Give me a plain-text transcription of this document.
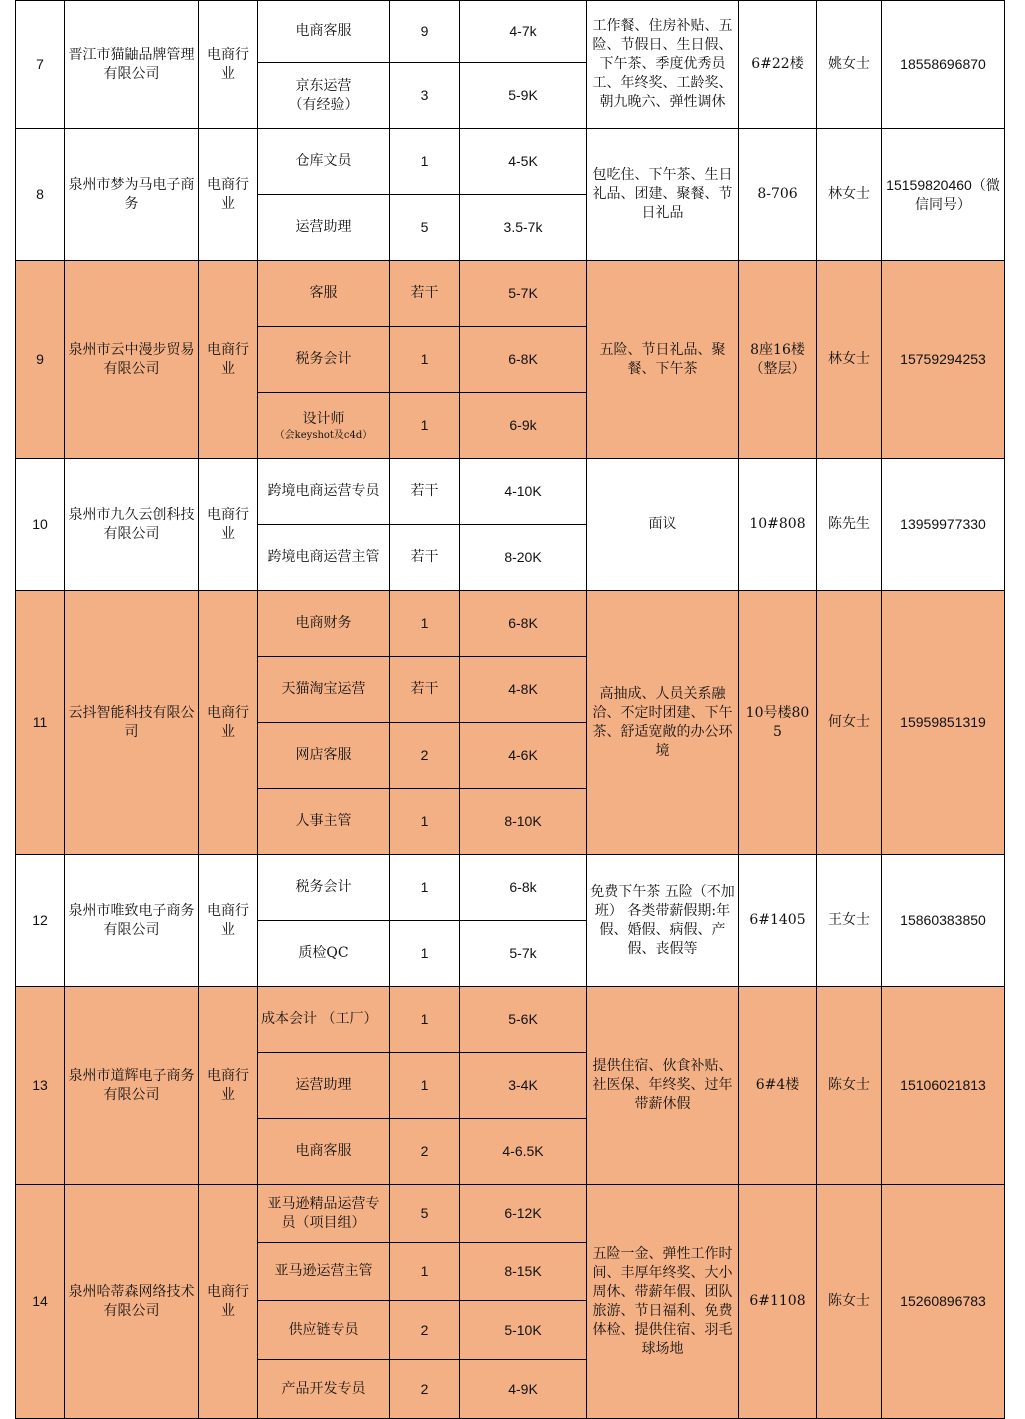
7	晋江市猫鼬品牌管理有限公司	电商行业	电商客服	9	4-7k	工作餐、住房补贴、五险、节假日、生日假、下午茶、季度优秀员工、年终奖、工龄奖、朝九晚六、弹性调休	6#22楼	姚女士	18558696870
			京东运营
（有经验）	3	5-9K				
8	泉州市梦为马电子商务	电商行业	仓库文员	1	4-5K	包吃住、下午茶、生日礼品、团建、聚餐、节日礼品	8-706	林女士	15159820460（微信同号）
			运营助理	5	3.5-7k				
9	泉州市云中漫步贸易有限公司	电商行业	客服	若干	5-7K	五险、节日礼品、聚餐、下午茶	8座16楼（整层）	林女士	15759294253
			税务会计	1	6-8K				
			设计师
（会keyshot及c4d）	1	6-9k				
10	泉州市九久云创科技有限公司	电商行业	跨境电商运营专员	若干	4-10K	面议	10#808	陈先生	13959977330
			跨境电商运营主管	若干	8-20K				
11	云抖智能科技有限公司	电商行业	电商财务	1	6-8K	高抽成、人员关系融洽、不定时团建、下午茶、舒适宽敞的办公环境	10号楼805	何女士	15959851319
			天猫淘宝运营	若干	4-8K				
			网店客服	2	4-6K				
			人事主管	1	8-10K				
12	泉州市唯致电子商务有限公司	电商行业	税务会计	1	6-8k	免费下午茶 五险（不加班） 各类带薪假期:年假、婚假、病假、产假、丧假等	6#1405	王女士	15860383850
			质检QC	1	5-7k				
13	泉州市道辉电子商务有限公司	电商行业	成本会计 （工厂）	1	5-6K	提供住宿、伙食补贴、社医保、年终奖、过年带薪休假	6#4楼	陈女士	15106021813
			运营助理	1	3-4K				
			电商客服	2	4-6.5K				
14	泉州哈蒂森网络技术有限公司	电商行业	亚马逊精品运营专员（项目组）	5	6-12K	五险一金、弹性工作时间、丰厚年终奖、大小周休、带薪年假、团队旅游、节日福利、免费体检、提供住宿、羽毛球场地	6#1108	陈女士	15260896783
			亚马逊运营主管	1	8-15K				
			供应链专员	2	5-10K				
			产品开发专员	2	4-9K				
